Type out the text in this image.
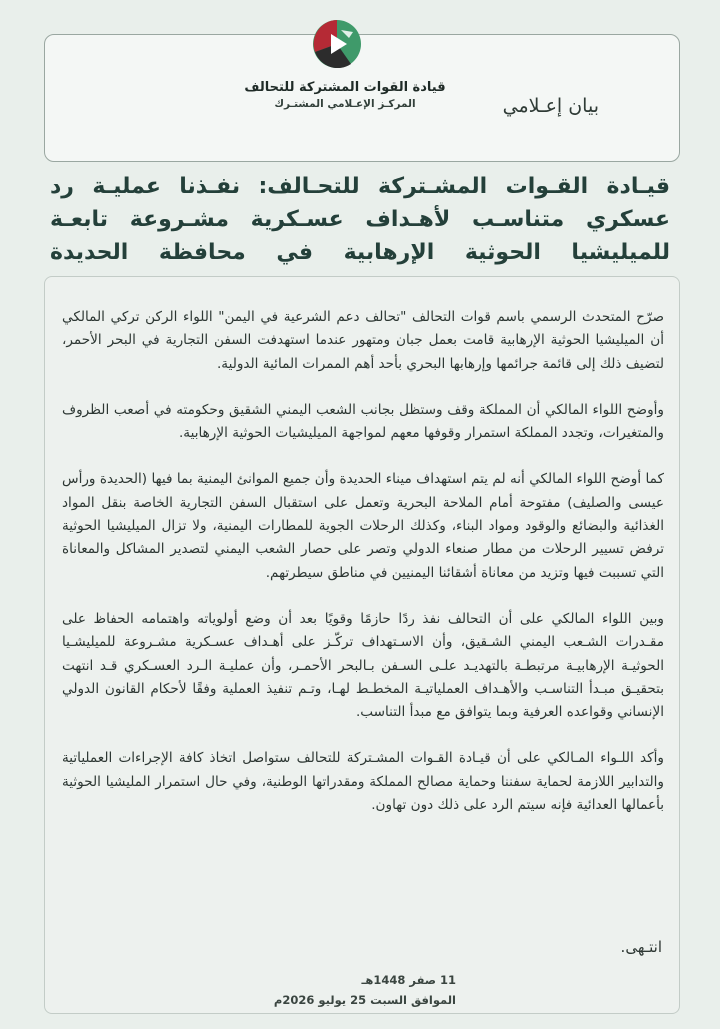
بيان إعـلامي
قيادة القوات المشتركة للتحالف
المركـز الإعـلامي المشتـرك
قيـادة القـوات المشـتركة للتحـالف: نفـذنا عمليـة رد
عسكري متناسـب لأهـداف عسـكرية مشـروعة تابعـة
للميليشيا الحوثية الإرهابية في محافظة الحديدة

صرّح المتحدث الرسمي باسم قوات التحالف "تحالف دعم الشرعية في اليمن" اللواء الركن تركي المالكي أن الميليشيا الحوثية الإرهابية قامت بعمل جبان ومتهور عندما استهدفت السفن التجارية في البحر الأحمر، لتضيف ذلك إلى قائمة جرائمها وإرهابها البحري بأحد أهم الممرات المائية الدولية.

وأوضح اللواء المالكي أن المملكة وقف وستظل بجانب الشعب اليمني الشقيق وحكومته في أصعب الظروف والمتغيرات، وتجدد المملكة استمرار وقوفها معهم لمواجهة الميليشيات الحوثية الإرهابية.

كما أوضح اللواء المالكي أنه لم يتم استهداف ميناء الحديدة وأن جميع الموانئ اليمنية بما فيها (الحديدة ورأس عيسى والصليف) مفتوحة أمام الملاحة البحرية وتعمل على استقبال السفن التجارية الخاصة بنقل المواد الغذائية والبضائع والوقود ومواد البناء، وكذلك الرحلات الجوية للمطارات اليمنية، ولا تزال الميليشيا الحوثية ترفض تسيير الرحلات من مطار صنعاء الدولي وتصر على حصار الشعب اليمني لتصدير المشاكل والمعاناة التي تسببت فيها وتزيد من معاناة أشقائنا اليمنيين في مناطق سيطرتهم.

وبين اللواء المالكي على أن التحالف نفذ ردًا حازمًا وقويًا بعد أن وضع أولوياته واهتمامه الحفاظ على مقـدرات الشـعب اليمني الشـقيق، وأن الاسـتهداف تركّـز على أهـداف عسـكرية مشـروعة للميليشـيا الحوثيـة الإرهابيـة مرتبطـة بالتهديـد علـى السـفن بـالبحر الأحمـر، وأن عمليـة الـرد العسـكري قـد انتهت بتحقيـق مبـدأ التناسـب والأهـداف العملياتيـة المخطـط لهـا، وتـم تنفيذ العملية وفقًا لأحكام القانون الدولي الإنساني وقواعده العرفية وبما يتوافق مع مبدأ التناسب.

وأكد اللـواء المـالكي على أن قيـادة القـوات المشـتركة للتحالف ستواصل اتخاذ كافة الإجراءات العملياتية والتدابير اللازمة لحماية سفننا وحماية مصالح المملكة ومقدراتها الوطنية، وفي حال استمرار المليشيا الحوثية بأعمالها العدائية فإنه سيتم الرد على ذلك دون تهاون.

انتـهى.
11 صفر 1448هـ
الموافق السبت 25 يوليو 2026م
